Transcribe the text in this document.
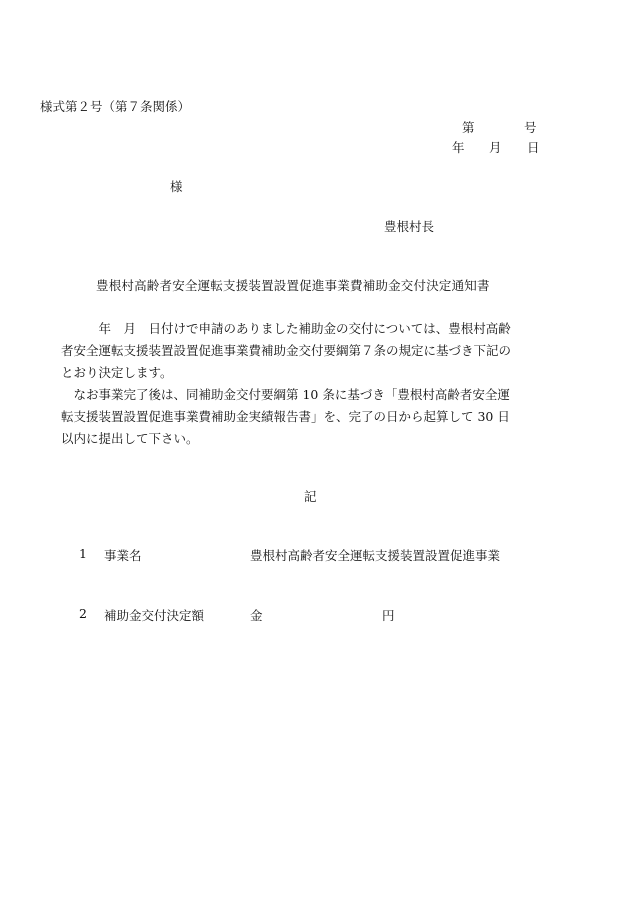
様式第２号（第７条関係）
第	号
年 月 日
様
豊根村長
豊根村高齢者安全運転支援装置設置促進事業費補助金交付決定通知書
　　　年　月　日付けで申請のありました補助金の交付については、豊根村高齢
者安全運転支援装置設置促進事業費補助金交付要綱第７条の規定に基づき下記の
とおり決定します。
　なお事業完了後は、同補助金交付要綱第 10 条に基づき「豊根村高齢者安全運
転支援装置設置促進事業費補助金実績報告書」を、完了の日から起算して 30 日
以内に提出して下さい。
記
1 事業名	豊根村高齢者安全運転支援装置設置促進事業
2 補助金交付決定額	金	円
